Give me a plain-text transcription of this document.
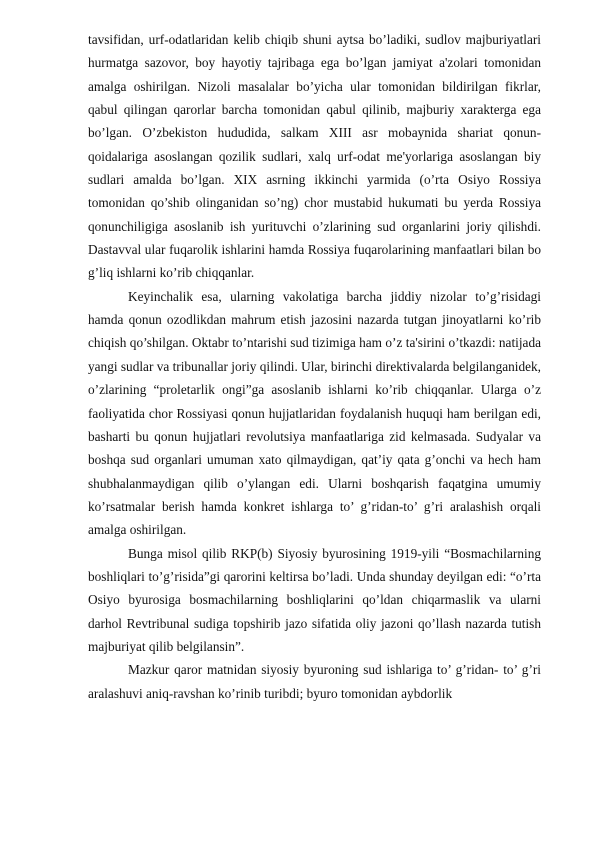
tavsifidan, urf-odatlaridan kelib chiqib shuni aytsa bo’ladiki, sudlov majburiyatlari hurmatga sazovor, boy hayotiy tajribaga ega bo’lgan jamiyat a'zolari tomonidan amalga oshirilgan. Nizoli masalalar bo’yicha ular tomonidan bildirilgan fikrlar, qabul qilingan qarorlar barcha tomonidan qabul qilinib, majburiy xarakterga ega bo’lgan. O’zbekiston hududida, salkam XIII asr mobaynida shariat qonun-qoidalariga asoslangan qozilik sudlari, xalq urf-odat me'yorlariga asoslangan biy sudlari amalda bo’lgan. XIX asrning ikkinchi yarmida (o’rta Osiyo Rossiya tomonidan qo’shib olinganidan so’ng) chor mustabid hukumati bu yerda Rossiya qonunchiligiga asoslanib ish yurituvchi o’zlarining sud organlarini joriy qilishdi. Dastavval ular fuqarolik ishlarini hamda Rossiya fuqarolarining manfaatlari bilan bo g’liq ishlarni ko’rib chiqqanlar.

Keyinchalik esa, ularning vakolatiga barcha jiddiy nizolar to’g’risidagi hamda qonun ozodlikdan mahrum etish jazosini nazarda tutgan jinoyatlarni ko’rib chiqish qo’shilgan. Oktabr to’ntarishi sud tizimiga ham o’z ta'sirini o’tkazdi: natijada yangi sudlar va tribunallar joriy qilindi. Ular, birinchi direktivalarda belgilanganidek, o’zlarining “proletarlik ongi”ga asoslanib ishlarni ko’rib chiqqanlar. Ularga o’z faoliyatida chor Rossiyasi qonun hujjatlaridan foydalanish huquqi ham berilgan edi, basharti bu qonun hujjatlari revolutsiya manfaatlariga zid kelmasada. Sudyalar va boshqa sud organlari umuman xato qilmaydigan, qat’iy qata g’onchi va hech ham shubhalanmaydigan qilib o’ylangan edi. Ularni boshqarish faqatgina umumiy ko’rsatmalar berish hamda konkret ishlarga to’ g’ridan-to’ g’ri aralashish orqali amalga oshirilgan.

Bunga misol qilib RKP(b) Siyosiy byurosining 1919-yili “Bosmachilarning boshliqlari to’g’risida”gi qarorini keltirsa bo’ladi. Unda shunday deyilgan edi: “o’rta Osiyo byurosiga bosmachilarning boshliqlarini qo’ldan chiqarmaslik va ularni darhol Revtribunal sudiga topshirib jazo sifatida oliy jazoni qo’llash nazarda tutish majburiyat qilib belgilansin”.

Mazkur qaror matnidan siyosiy byuroning sud ishlariga to’ g’ridan- to’ g’ri aralashuvi aniq-ravshan ko’rinib turibdi; byuro tomonidan aybdorlik
